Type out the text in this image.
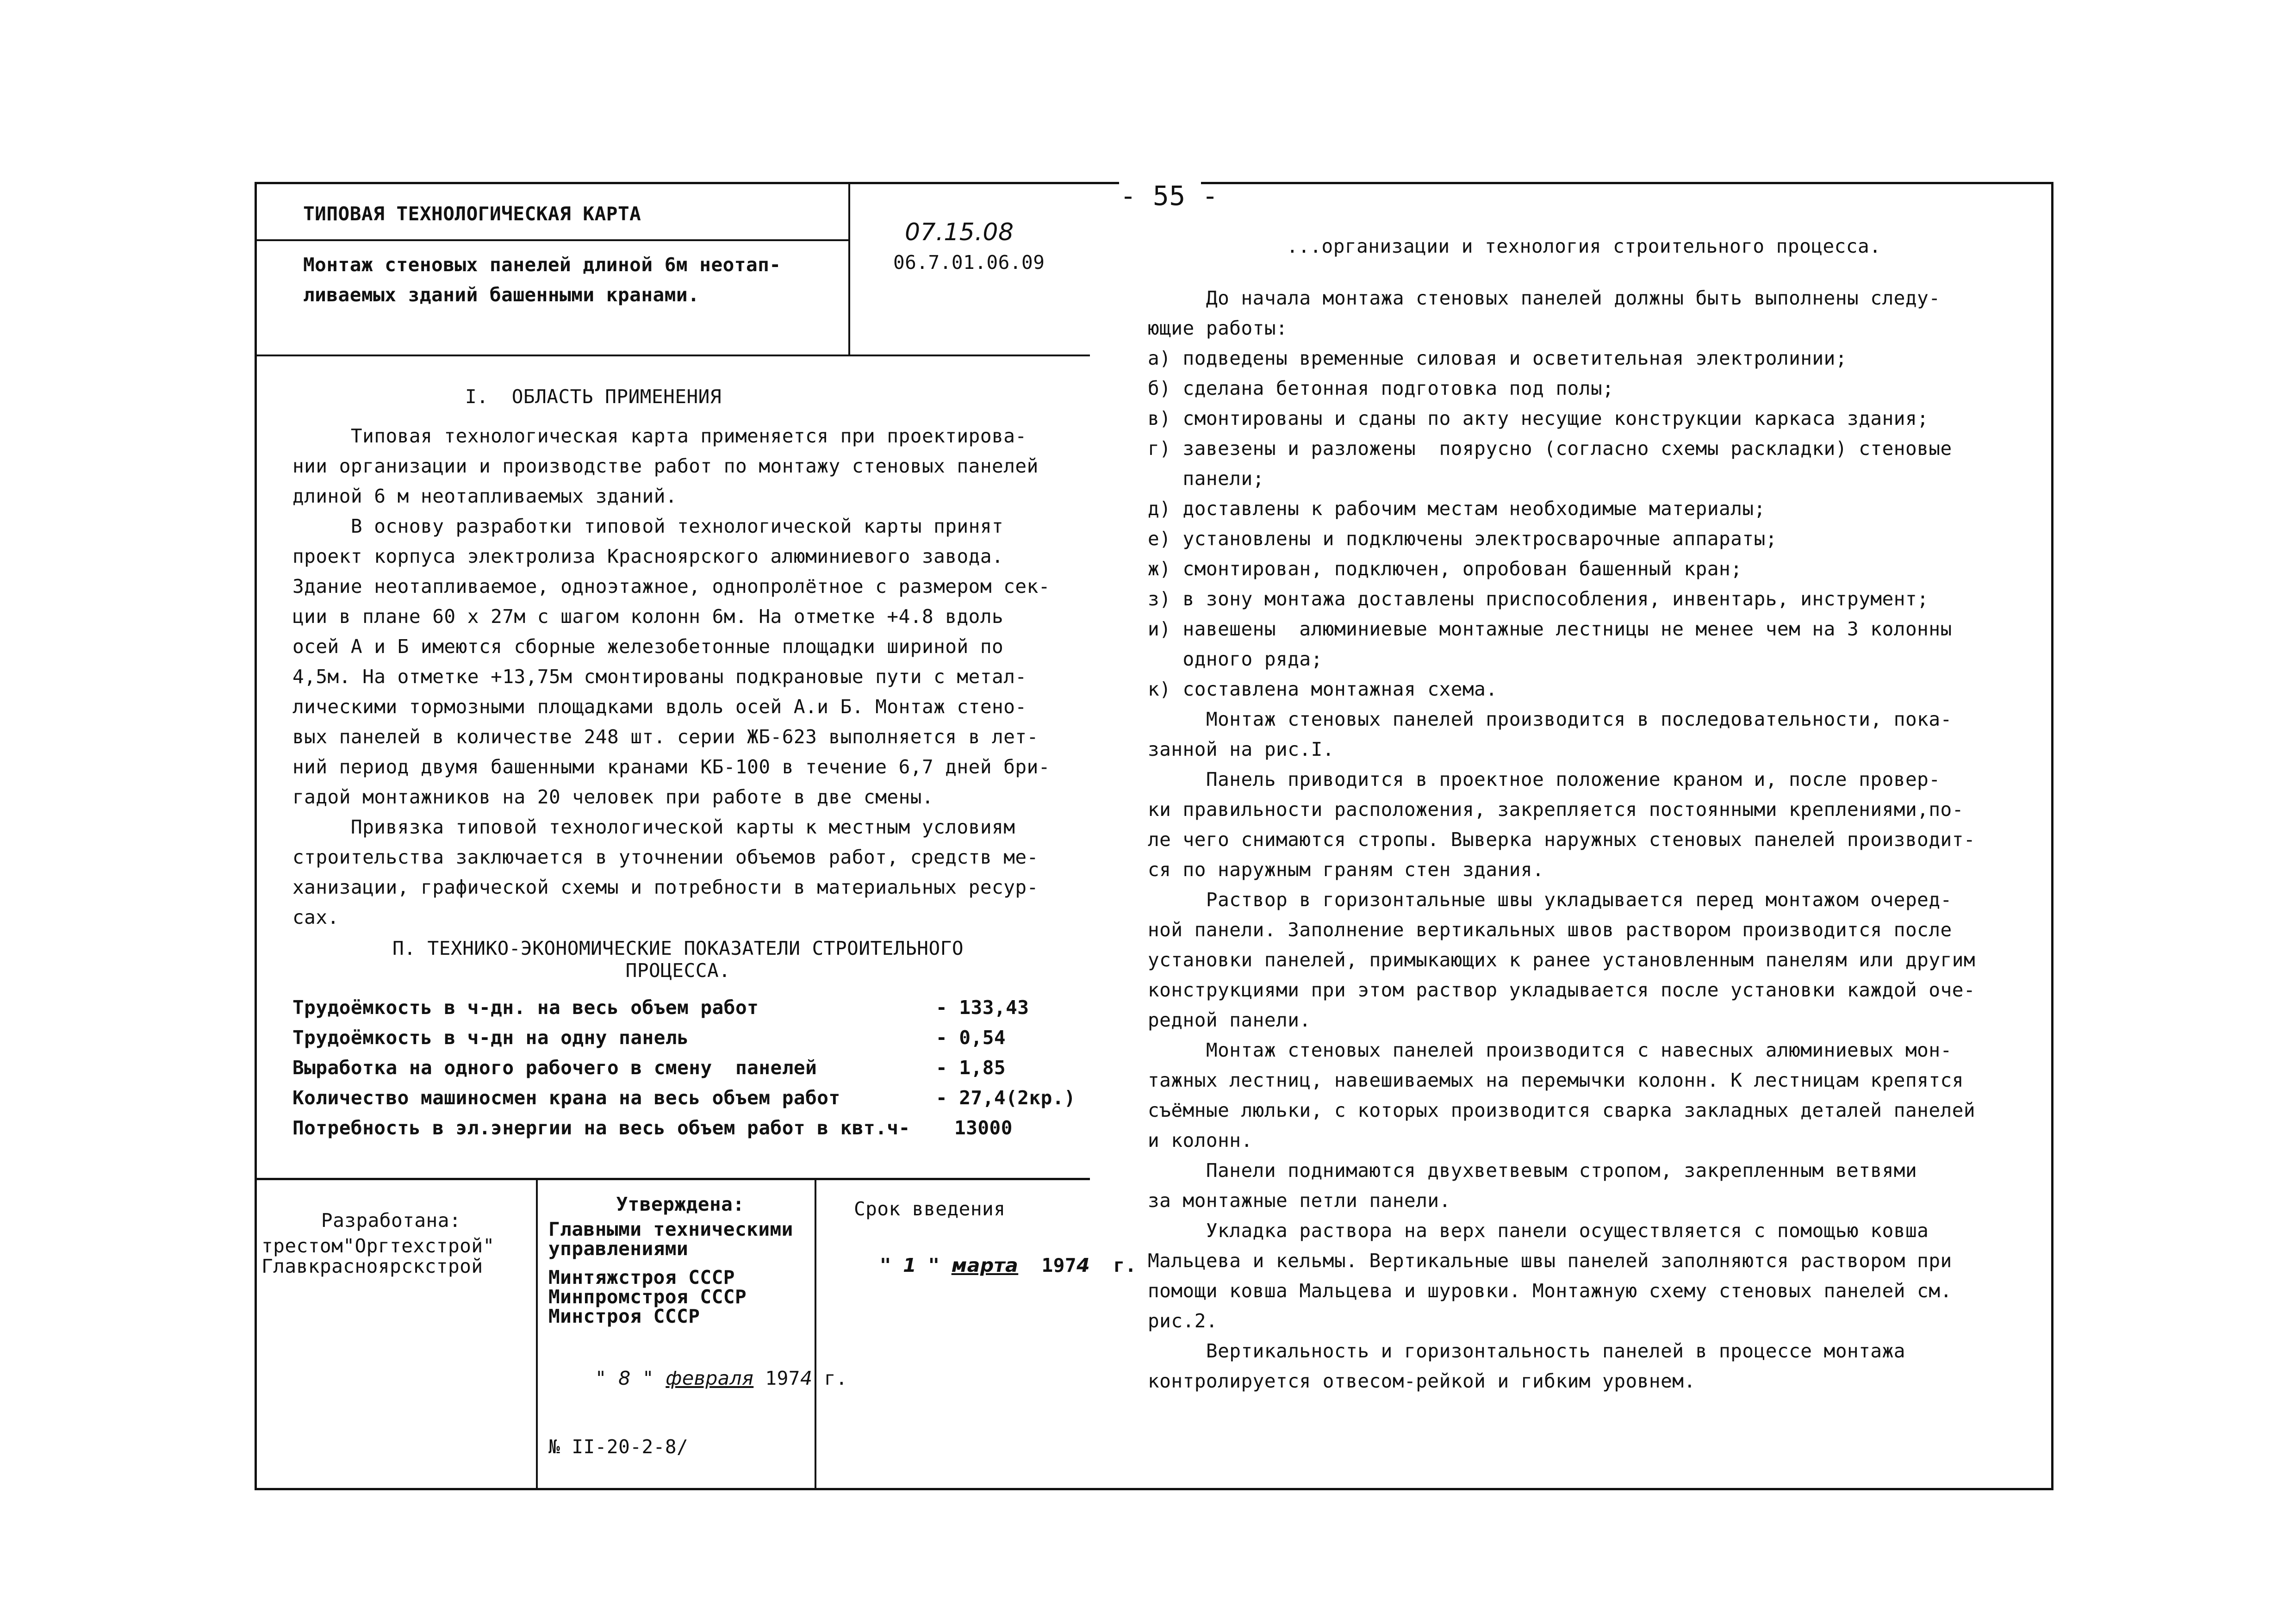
- 55 -
ТИПОВАЯ ТЕХНОЛОГИЧЕСКАЯ КАРТА
07.15.08
06.7.01.06.09
Монтаж стеновых панелей длиной 6м неотап-
ливаемых зданий башенными кранами.
I.  ОБЛАСТЬ ПРИМЕНЕНИЯ
Типовая технологическая карта применяется при проектирова-
нии организации и производстве работ по монтажу стеновых панелей
длиной 6 м неотапливаемых зданий.
В основу разработки типовой технологической карты принят
проект корпуса электролиза Красноярского алюминиевого завода.
Здание неотапливаемое, одноэтажное, однопролётное с размером сек-
ции в плане 60 х 27м с шагом колонн 6м. На отметке +4.8 вдоль
осей А и Б имеются сборные железобетонные площадки шириной по
4,5м. На отметке +13,75м смонтированы подкрановые пути с метал-
лическими тормозными площадками вдоль осей А.и Б. Монтаж стено-
вых панелей в количестве 248 шт. серии ЖБ-623 выполняется в лет-
ний период двумя башенными кранами КБ-100 в течение 6,7 дней бри-
гадой монтажников на 20 человек при работе в две смены.
Привязка типовой технологической карты к местным условиям
строительства заключается в уточнении объемов работ, средств ме-
ханизации, графической схемы и потребности в материальных ресур-
сах.
П. ТЕХНИКО-ЭКОНОМИЧЕСКИЕ ПОКАЗАТЕЛИ СТРОИТЕЛЬНОГО
ПРОЦЕССА.
Трудоёмкость в ч-дн. на весь объем работ	- 133,43
Трудоёмкость в ч-дн на одну панель	- 0,54
Выработка на одного рабочего в смену  панелей	- 1,85
Количество машиносмен крана на весь объем работ	- 27,4(2кр.)
Потребность в эл.энергии на весь объем работ в квт.ч- 13000
Разработана:
трестом"Оргтехстрой"
Главкрасноярскстрой
Утверждена:
Главными техническими
управлениями
Минтяжстроя СССР
Минпромстроя СССР
Минстроя СССР

" 8 " февраля 1974 г.

№ II-20-2-8/
Срок введения

" 1 " марта  1974  г.

...организации и технология строительного процесса.
До начала монтажа стеновых панелей должны быть выполнены следу-
ющие работы:
а) подведены временные силовая и осветительная электролинии;
б) сделана бетонная подготовка под полы;
в) смонтированы и сданы по акту несущие конструкции каркаса здания;
г) завезены и разложены  поярусно (согласно схемы раскладки) стеновые
панели;
д) доставлены к рабочим местам необходимые материалы;
е) установлены и подключены электросварочные аппараты;
ж) смонтирован, подключен, опробован башенный кран;
з) в зону монтажа доставлены приспособления, инвентарь, инструмент;
и) навешены  алюминиевые монтажные лестницы не менее чем на 3 колонны
одного ряда;
к) составлена монтажная схема.
Монтаж стеновых панелей производится в последовательности, пока-
занной на рис.I.
Панель приводится в проектное положение краном и, после провер-
ки правильности расположения, закрепляется постоянными креплениями,по-
ле чего снимаются стропы. Выверка наружных стеновых панелей производит-
ся по наружным граням стен здания.
Раствор в горизонтальные швы укладывается перед монтажом очеред-
ной панели. Заполнение вертикальных швов раствором производится после
установки панелей, примыкающих к ранее установленным панелям или другим
конструкциями при этом раствор укладывается после установки каждой оче-
редной панели.
Монтаж стеновых панелей производится с навесных алюминиевых мон-
тажных лестниц, навешиваемых на перемычки колонн. К лестницам крепятся
съёмные люльки, с которых производится сварка закладных деталей панелей
и колонн.
Панели поднимаются двухветвевым стропом, закрепленным ветвями
за монтажные петли панели.
Укладка раствора на верх панели осуществляется с помощью ковша
Мальцева и кельмы. Вертикальные швы панелей заполняются раствором при
помощи ковша Мальцева и шуровки. Монтажную схему стеновых панелей см.
рис.2.
Вертикальность и горизонтальность панелей в процессе монтажа
контролируется отвесом-рейкой и гибким уровнем.
